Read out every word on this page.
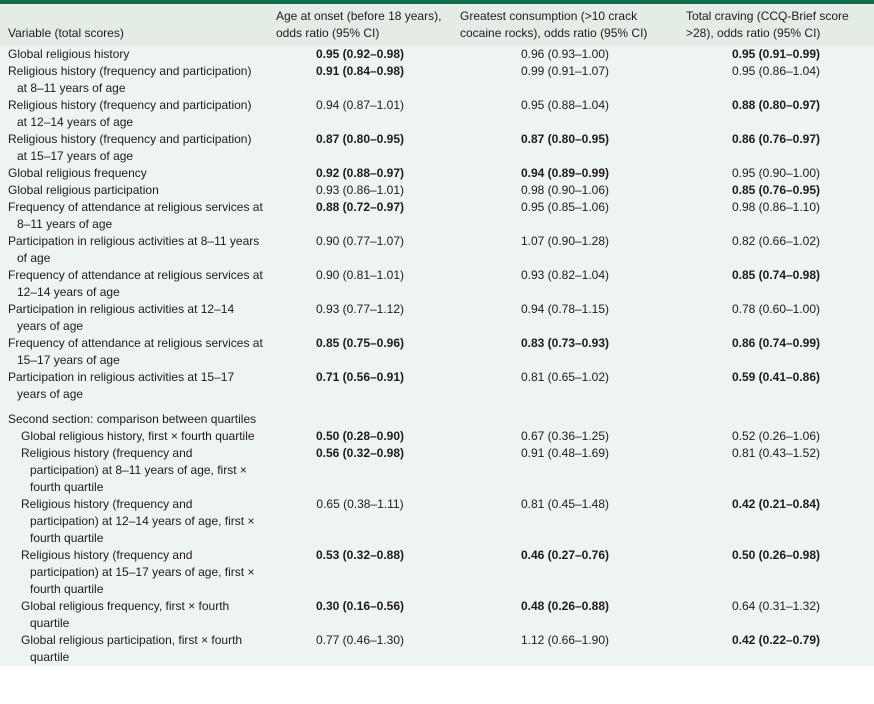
Variable (total scores)	Age at onset (before 18 years), odds ratio (95% CI)	Greatest consumption (>10 crack cocaine rocks), odds ratio (95% CI)	Total craving (CCQ-Brief score >28), odds ratio (95% CI)

Global religious history	0.95 (0.92–0.98)	0.96 (0.93–1.00)	0.95 (0.91–0.99)

Religious history (frequency and participation) at 8–11 years of age	0.91 (0.84–0.98)	0.99 (0.91–1.07)	0.95 (0.86–1.04)

Religious history (frequency and participation) at 12–14 years of age	0.94 (0.87–1.01)	0.95 (0.88–1.04)	0.88 (0.80–0.97)

Religious history (frequency and participation) at 15–17 years of age	0.87 (0.80–0.95)	0.87 (0.80–0.95)	0.86 (0.76–0.97)

Global religious frequency	0.92 (0.88–0.97)	0.94 (0.89–0.99)	0.95 (0.90–1.00)

Global religious participation	0.93 (0.86–1.01)	0.98 (0.90–1.06)	0.85 (0.76–0.95)

Frequency of attendance at religious services at 8–11 years of age	0.88 (0.72–0.97)	0.95 (0.85–1.06)	0.98 (0.86–1.10)

Participation in religious activities at 8–11 years of age	0.90 (0.77–1.07)	1.07 (0.90–1.28)	0.82 (0.66–1.02)

Frequency of attendance at religious services at 12–14 years of age	0.90 (0.81–1.01)	0.93 (0.82–1.04)	0.85 (0.74–0.98)

Participation in religious activities at 12–14 years of age	0.93 (0.77–1.12)	0.94 (0.78–1.15)	0.78 (0.60–1.00)

Frequency of attendance at religious services at 15–17 years of age	0.85 (0.75–0.96)	0.83 (0.73–0.93)	0.86 (0.74–0.99)

Participation in religious activities at 15–17 years of age	0.71 (0.56–0.91)	0.81 (0.65–1.02)	0.59 (0.41–0.86)

Second section: comparison between quartiles			

Global religious history, first × fourth quartile	0.50 (0.28–0.90)	0.67 (0.36–1.25)	0.52 (0.26–1.06)

Religious history (frequency and participation) at 8–11 years of age, first × fourth quartile	0.56 (0.32–0.98)	0.91 (0.48–1.69)	0.81 (0.43–1.52)

Religious history (frequency and participation) at 12–14 years of age, first × fourth quartile	0.65 (0.38–1.11)	0.81 (0.45–1.48)	0.42 (0.21–0.84)

Religious history (frequency and participation) at 15–17 years of age, first × fourth quartile	0.53 (0.32–0.88)	0.46 (0.27–0.76)	0.50 (0.26–0.98)

Global religious frequency, first × fourth quartile	0.30 (0.16–0.56)	0.48 (0.26–0.88)	0.64 (0.31–1.32)

Global religious participation, first × fourth quartile	0.77 (0.46–1.30)	1.12 (0.66–1.90)	0.42 (0.22–0.79)
